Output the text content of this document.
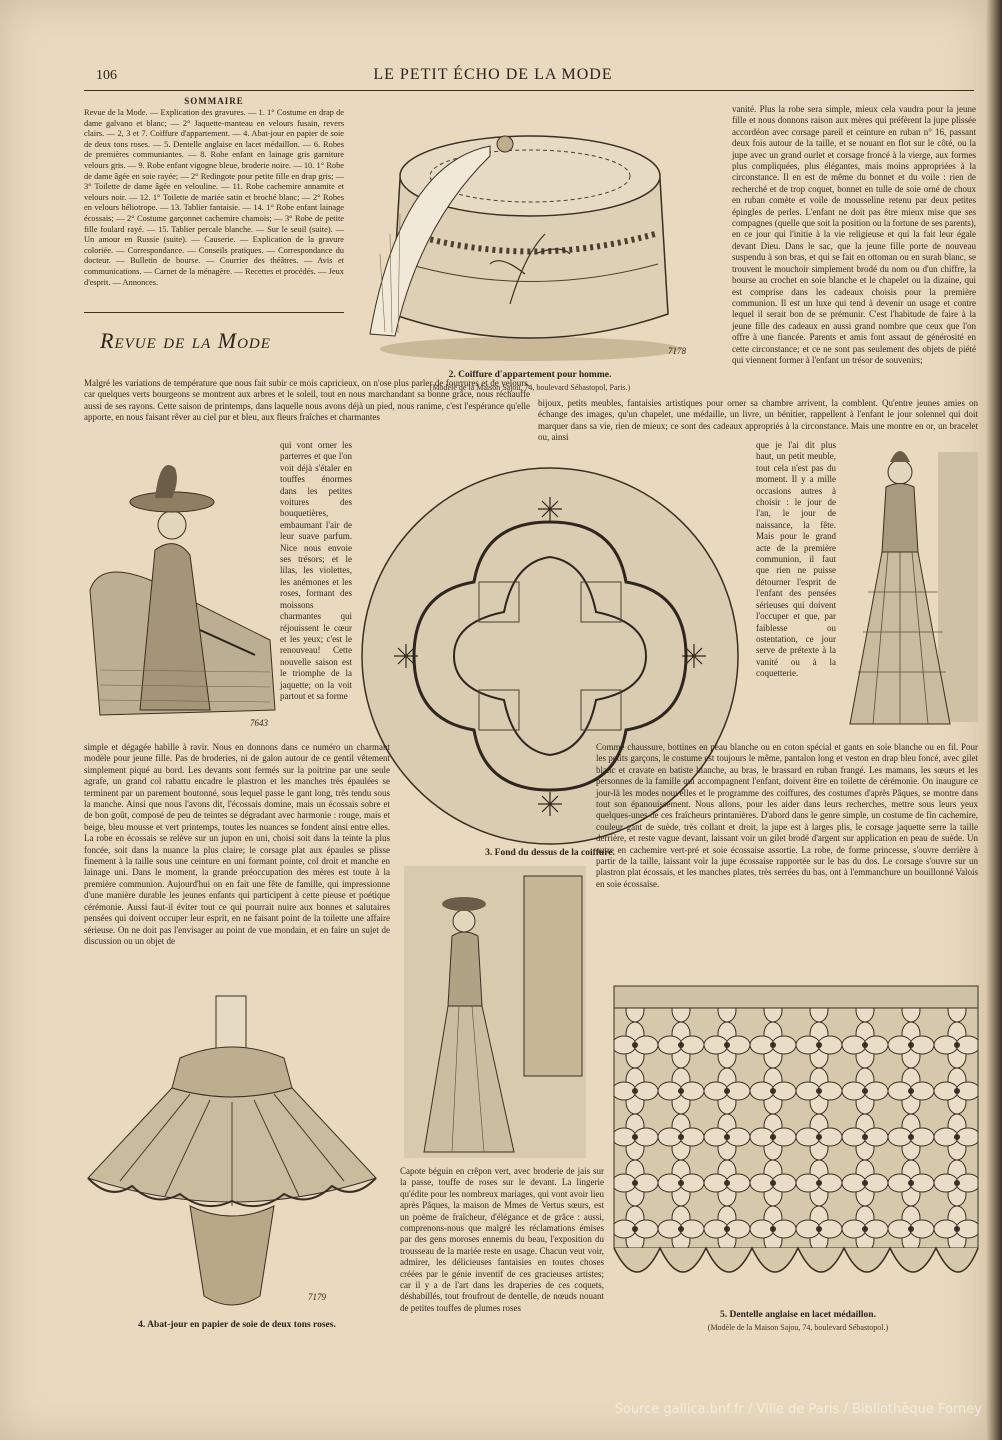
106	LE PETIT ÉCHO DE LA MODE
SOMMAIRE
Revue de la Mode. — Explication des gravures. — 1. 1° Costume en drap de dame galvano et blanc; — 2° Jaquette-manteau en velours fusain, revers clairs. — 2, 3 et 7. Coiffure d'appartement. — 4. Abat-jour en papier de soie de deux tons roses. — 5. Dentelle anglaise en lacet médaillon. — 6. Robes de premières communiantes. — 8. Robe enfant en lainage gris garniture velours gris. — 9. Robe enfant vigogne bleue, broderie noire. — 10. 1° Robe de dame âgée en soie rayée; — 2° Redingote pour petite fille en drap gris; — 3° Toilette de dame âgée en velouline. — 11. Robe cachemire annamite et velours noir. — 12. 1° Toilette de mariée satin et broché blanc; — 2° Robes en velours héliotrope. — 13. Tablier fantaisie. — 14. 1° Robe enfant lainage écossais; — 2° Costume garçonnet cachemire chamois; — 3° Robe de petite fille foulard rayé. — 15. Tablier percale blanche. — Sur le seuil (suite). — Un amour en Russie (suite). — Causerie. — Explication de la gravure coloriée. — Correspondance. — Conseils pratiques. — Correspondance du docteur. — Bulletin de bourse. — Courrier des théâtres. — Avis et communications. — Carnet de la ménagère. — Recettes et procédés. — Jeux d'esprit. — Annonces.
Revue de la Mode	7178
2. Coiffure d'appartement pour homme.
(Modèle de la Maison Sajou, 74, boulevard Sébastopol, Paris.)
vanité. Plus la robe sera simple, mieux cela vaudra pour la jeune fille et nous donnons raison aux mères qui préfèrent la jupe plissée accordéon avec corsage pareil et ceinture en ruban n° 16, passant deux fois autour de la taille, et se nouant en flot sur le côté, ou la jupe avec un grand ourlet et corsage froncé à la vierge, aux formes plus compliquées, plus élégantes, mais moins appropriées à la circonstance. Il en est de même du bonnet et du voile : rien de recherché et de trop coquet, bonnet en tulle de soie orné de choux en ruban comète et voile de mousseline retenu par deux petites épingles de perles. L'enfant ne doit pas être mieux mise que ses compagnes (quelle que soit la position ou la fortune de ses parents), en ce jour qui l'initie à la vie religieuse et qui la fait leur égale devant Dieu. Dans le sac, que la jeune fille porte de nouveau suspendu à son bras, et qui se fait en ottoman ou en surah blanc, se trouvent le mouchoir simplement brodé du nom ou d'un chiffre, la bourse au crochet en soie blanche et le chapelet ou la dizaine, qui est comprise dans les cadeaux choisis pour la première communion. Il est un luxe qui tend à devenir un usage et contre lequel il serait bon de se prémunir. C'est l'habitude de faire à la jeune fille des cadeaux en aussi grand nombre que ceux que l'on offre à une fiancée. Parents et amis font assaut de générosité en cette circonstance; et ce ne sont pas seulement des objets de piété qui viennent former à l'enfant un trésor de souvenirs;
Malgré les variations de température que nous fait subir ce mois capricieux, on n'ose plus parler de fourrures et de velours, car quelques verts bourgeons se montrent aux arbres et le soleil, tout en nous marchandant sa bonne grâce, nous réchauffe aussi de ses rayons. Cette saison de printemps, dans laquelle nous avons déjà un pied, nous ranime, c'est l'espérance qu'elle apporte, en nous faisant rêver au ciel pur et bleu, aux fleurs fraîches et charmantes
bijoux, petits meubles, fantaisies artistiques pour orner sa chambre arrivent, la comblent. Qu'entre jeunes amies on échange des images, qu'un chapelet, une médaille, un livre, un bénitier, rappellent à l'enfant le jour solennel qui doit marquer dans sa vie, rien de mieux; ce sont des cadeaux appropriés à la circonstance. Mais une montre en or, un bracelet ou, ainsi
7643
qui vont orner les parterres et que l'on voit déjà s'étaler en touffes énormes dans les petites voitures des bouquetières, embaumant l'air de leur suave parfum. Nice nous envoie ses trésors; et le lilas, les violettes, les anémones et les roses, formant des moissons charmantes qui réjouissent le cœur et les yeux; c'est le renouveau! Cette nouvelle saison est le triomphe de la jaquette; on la voit partout et sa forme
3. Fond du dessus de la coiffure.
que je l'ai dit plus haut, un petit meuble, tout cela n'est pas du moment. Il y a mille occasions autres à choisir : le jour de l'an, le jour de naissance, la fête. Mais pour le grand acte de la première communion, il faut que rien ne puisse détourner l'esprit de l'enfant des pensées sérieuses qui doivent l'occuper et que, par faiblesse ou ostentation, ce jour serve de prétexte à la vanité ou à la coquetterie.
Comme chaussure, bottines en peau blanche ou en coton spécial et gants en soie blanche ou en fil. Pour les petits garçons, le costume est toujours le même, pantalon long et veston en drap bleu foncé, avec gilet blanc et cravate en batiste blanche, au bras, le brassard en ruban frangé. Les mamans, les sœurs et les personnes de la famille qui accompagnent l'enfant, doivent être en toilette de cérémonie. On inaugure ce jour-là les modes nouvelles et le programme des coiffures, des costumes d'après Pâques, se montre dans tout son épanouissement. Nous allons, pour les aider dans leurs recherches, mettre sous leurs yeux quelques-unes de ces fraîcheurs printanières. D'abord dans le genre simple, un costume de fin cachemire, couleur gant de suède, très collant et droit, la jupe est à larges plis, le corsage jaquette serre la taille derrière, et reste vague devant, laissant voir un gilet brodé d'argent sur application en peau de suède. Un autre en cachemire vert-pré et soie écossaise assortie. La robe, de forme princesse, s'ouvre derrière à partir de la taille, laissant voir la jupe écossaise rapportée sur le bas du dos. Le corsage s'ouvre sur un plastron plat écossais, et les manches plates, très serrées du bas, ont à l'emmanchure un bouillonné Valois en soie écossaise.
simple et dégagée habille à ravir. Nous en donnons dans ce numéro un charmant modèle pour jeune fille. Pas de broderies, ni de galon autour de ce gentil vêtement simplement piqué au bord. Les devants sont fermés sur la poitrine par une seule agrafe, un grand col rabattu encadre le plastron et les manches très épaulées se terminent par un parement boutonné, sous lequel passe le gant long, très tendu sous la manche. Ainsi que nous l'avons dit, l'écossais domine, mais un écossais sobre et de bon goût, composé de peu de teintes se dégradant avec harmonie : rouge, mais et beige, bleu mousse et vert printemps, toutes les nuances se fondent ainsi entre elles. La robe en écossais se relève sur un jupon en uni, choisi soit dans la teinte la plus foncée, soit dans la nuance la plus claire; le corsage plat aux épaules se plisse finement à la taille sous une ceinture en uni formant pointe, col droit et manche en lainage uni. Dans le moment, la grande préoccupation des mères est toute à la première communion. Aujourd'hui on en fait une fête de famille, qui impressionne d'une manière durable les jeunes enfants qui participent à cette pieuse et poétique cérémonie. Aussi faut-il éviter tout ce qui pourrait nuire aux bonnes et salutaires pensées qui doivent occuper leur esprit, en ne faisant point de la toilette une affaire sérieuse. On ne doit pas l'envisager au point de vue mondain, et en faire un sujet de discussion ou un objet de
7179
4. Abat-jour en papier de soie de deux tons roses.
Capote béguin en crêpon vert, avec broderie de jais sur la passe, touffe de roses sur le devant. La lingerie qu'édite pour les nombreux mariages, qui vont avoir lieu après Pâques, la maison de Mmes de Vertus sœurs, est un poème de fraîcheur, d'élégance et de grâce : aussi, comprenons-nous que malgré les réclamations émises par des gens moroses ennemis du beau, l'exposition du trousseau de la mariée reste en usage. Chacun veut voir, admirer, les délicieuses fantaisies en toutes choses créées par le génie inventif de ces gracieuses artistes; car il y a de l'art dans les draperies de ces coquets, déshabillés, tout froufrout de dentelle, de nœuds nouant de petites touffes de plumes roses
5. Dentelle anglaise en lacet médaillon.
(Modèle de la Maison Sajou, 74, boulevard Sébastopol.)
Source gallica.bnf.fr / Ville de Paris / Bibliothèque Forney
